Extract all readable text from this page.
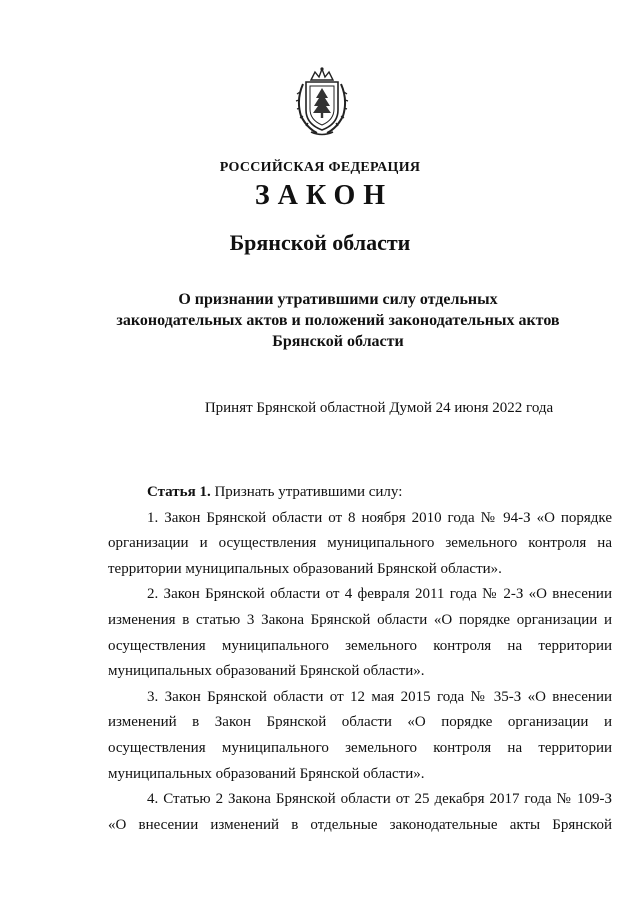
РОССИЙСКАЯ ФЕДЕРАЦИЯ
ЗАКОН
Брянской области
О признании утратившими силу отдельных
законодательных актов и положений законодательных актов
Брянской области
Принят Брянской областной Думой 24 июня 2022 года

Статья 1. Признать утратившими силу:

1. Закон Брянской области от 8 ноября 2010 года № 94-З «О порядке организации и осуществления муниципального земельного контроля на территории муниципальных образований Брянской области».

2. Закон Брянской области от 4 февраля 2011 года № 2-З «О внесении изменения в статью 3 Закона Брянской области «О порядке организации и осуществления муниципального земельного контроля на территории муниципальных образований Брянской области».

3. Закон Брянской области от 12 мая 2015 года № 35-З «О внесении изменений в Закон Брянской области «О порядке организации и осуществления муниципального земельного контроля на территории муниципальных образований Брянской области».

4. Статью 2 Закона Брянской области от 25 декабря 2017 года № 109-З «О внесении изменений в отдельные законодательные акты Брянской
